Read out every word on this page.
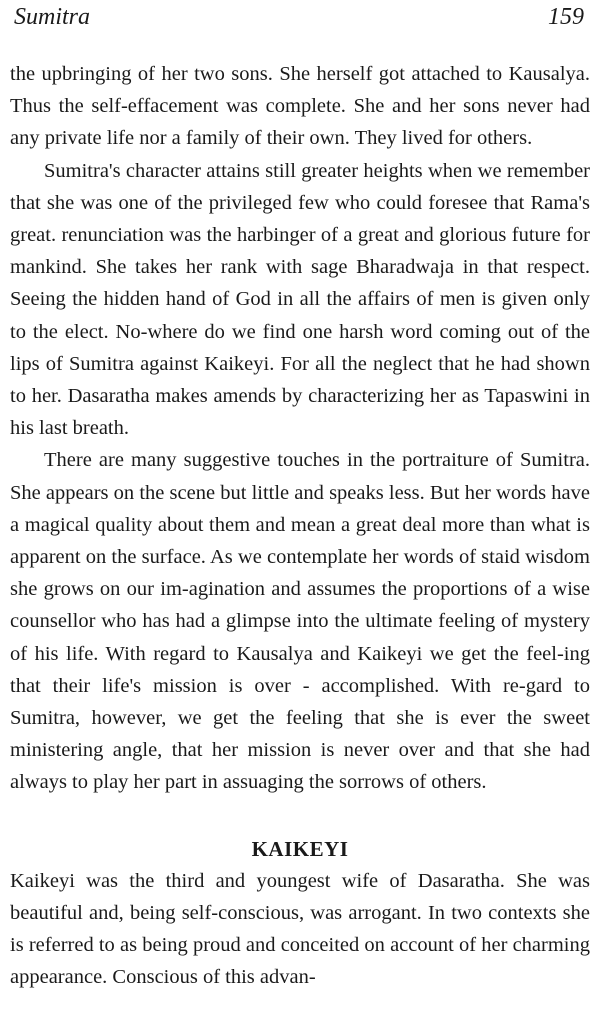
Sumitra	159

the upbringing of her two sons. She herself got attached to Kausalya. Thus the self-effacement was complete. She and her sons never had any private life nor a family of their own. They lived for others.

Sumitra's character attains still greater heights when we remember that she was one of the privileged few who could foresee that Rama's great. renunciation was the harbinger of a great and glorious future for mankind. She takes her rank with sage Bharadwaja in that respect. Seeing the hidden hand of God in all the affairs of men is given only to the elect. No-where do we find one harsh word coming out of the lips of Sumitra against Kaikeyi. For all the neglect that he had shown to her. Dasaratha makes amends by characterizing her as Tapaswini in his last breath.

There are many suggestive touches in the portraiture of Sumitra. She appears on the scene but little and speaks less. But her words have a magical quality about them and mean a great deal more than what is apparent on the surface. As we contemplate her words of staid wisdom she grows on our im-agination and assumes the proportions of a wise counsellor who has had a glimpse into the ultimate feeling of mystery of his life. With regard to Kausalya and Kaikeyi we get the feel-ing that their life's mission is over - accomplished. With re-gard to Sumitra, however, we get the feeling that she is ever the sweet ministering angle, that her mission is never over and that she had always to play her part in assuaging the sorrows of others.

KAIKEYI

Kaikeyi was the third and youngest wife of Dasaratha. She was beautiful and, being self-conscious, was arrogant. In two contexts she is referred to as being proud and conceited on account of her charming appearance. Conscious of this advan-
